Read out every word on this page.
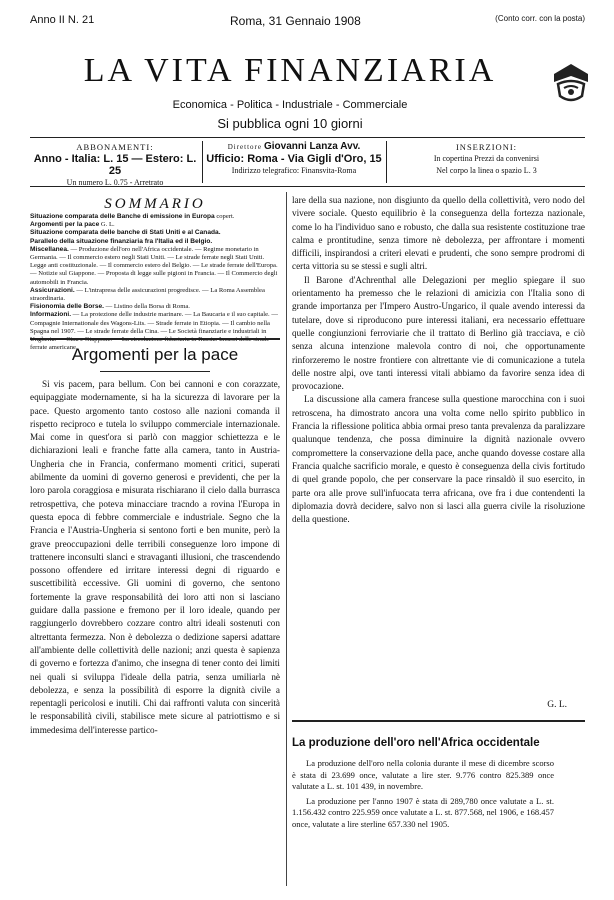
Anno II N. 21	Roma, 31 Gennaio 1908	(Conto corr. con la posta)
LA VITA FINANZIARIA
Economica - Politica - Industriale - Commerciale
Si pubblica ogni 10 giorni
ABBONAMENTI:
Anno - Italia: L. 15 — Estero: L. 25
Un numero L. 0.75 - Arretrato
Direttore Giovanni Lanza Avv.
Ufficio: Roma - Via Gigli d'Oro, 15
Indirizzo telegrafico: Finansvita-Roma
INSERZIONI:
In copertina Prezzi da convenirsi
Nel corpo la linea o spazio L. 3
SOMMARIO
Situazione comparata delle Banche di emissione in Europa copert.
Argomenti per la pace G. L.
Situazione comparata delle banche di Stati Uniti e al Canada.
Parallelo della situazione finanziaria fra l'Italia ed il Belgio.
Miscellanea. — Produzione dell'oro nell'Africa occidentale. — Regime monetario in Germania. — Il commercio estero negli Stati Uniti. — Le strade ferrate negli Stati Uniti. Legge anti costituzionale. — Il commercio estero del Belgio. — Le strade ferrate dell'Europa. — Notizie sul Giappone. — Proposta di legge sulle pigioni in Francia. — Il Commercio degli automobili in Francia.
Assicurazioni. — L'intrapresa delle assicurazioni progredisce. — La Roma Assemblea straordinaria.
Fisionomia delle Borse. — Listino della Borsa di Roma.
Informazioni. — La protezione delle industrie marinare. — La Baucaria e il suo capitale. — Compagnie Internationale des Wagons-Lits. — Strade ferrate in Etiopia. — Il cambio nella Spagna nel 1907. — Le strade ferrate della Cina. — Le Società finanziarie e industriali in Ungheria. — Cina e Giappone. — La circolazione fiduciaria in Russia. Incassi delle strade ferrate americane.
Argomenti per la pace

Si vis pacem, para bellum. Con bei cannoni e con corazzate, equipaggiate modernamente, si ha la sicurezza di lavorare per la pace. Questo argomento tanto costoso alle nazioni comanda il rispetto reciproco e tutela lo sviluppo commerciale internazionale. Mai come in quest'ora si parlò con maggior schiettezza e le dichiarazioni leali e franche fatte alla camera, tanto in Austria-Ungheria che in Francia, confermano momenti critici, superati abilmente da uomini di governo generosi e previdenti, che per la loro parola coraggiosa e misurata rischiarano il cielo dalla burrasca retrospettiva, che poteva minacciare tracndo a rovina l'Europa in questa epoca di febbre commerciale e industriale. Segno che la Francia e l'Austria-Ungheria si sentono forti e ben munite, però la grave preoccupazioni delle terribili conseguenze loro impone di trattenere inconsulti slanci e stravaganti illusioni, che trascendendo possono offendere ed irritare interessi degni di riguardo e suscettibilità eccessive. Gli uomini di governo, che sentono fortemente la grave responsabilità dei loro atti non si lasciano guidare dalla passione e fremono per il loro ideale, quando per raggiungerlo dovrebbero cozzare contro altri ideali sostenuti con altrettanta fermezza. Non è debolezza o dedizione sapersi adattare all'ambiente delle collettività delle nazioni; anzi questa è sapienza di governo e fortezza d'animo, che insegna di tener conto dei limiti nei quali si sviluppa l'ideale della patria, senza umiliarla nè debolezza, e senza la possibilità di esporre la dignità civile a repentagli pericolosi e inutili. Chi dai raffronti valuta con sincerità le responsabilità civili, stabilisce mete sicure al patriottismo e si immedesima dell'interesse partico-

lare della sua nazione, non disgiunto da quello della collettività, vero nodo del vivere sociale. Questo equilibrio è la conseguenza della fortezza nazionale, come lo ha l'individuo sano e robusto, che dalla sua resistente costituzione trae calma e prontitudine, senza timore nè debolezza, per affrontare i momenti difficili, inspirandosi a criteri elevati e prudenti, che sono sempre prodromi di certa vittoria su se stessi e sugli altri.

Il Barone d'Achrenthal alle Delegazioni per meglio spiegare il suo orientamento ha premesso che le relazioni di amicizia con l'Italia sono di grande importanza per l'Impero Austro-Ungarico, il quale avendo interessi da tutelare, dove si riproducono pure interessi italiani, era necessario effettuare quelle congiunzioni ferroviarie che il trattato di Berlino già tracciava, e ciò senza alcuna intenzione malevola contro di noi, che opportunamente rinforzeremo le nostre frontiere con altrettante vie di comunicazione a tutela delle nostre alpi, ove tanti interessi vitali abbiamo da favorire senza idea di provocazione.

La discussione alla camera francese sulla questione marocchina con i suoi retroscena, ha dimostrato ancora una volta come nello spirito pubblico in Francia la riflessione politica abbia ormai preso tanta prevalenza da paralizzare qualunque tendenza, che possa diminuire la dignità nazionale ovvero compromettere la conservazione della pace, anche quando dovesse costare alla Francia qualche sacrificio morale, e questo è conseguenza della civis fortitudo di quel grande popolo, che per conservare la pace rinsaldò il suo esercito, in parte ora alle prove sull'infuocata terra africana, ove fra i due contendenti la diplomazia dovrà decidere, salvo non si lasci alla guerra civile la risoluzione della questione.

G. L.
La produzione dell'oro nell'Africa occidentale

La produzione dell'oro nella colonia durante il mese di dicembre scorso è stata di 23.699 once, valutate a lire ster. 9.776 contro 825.389 once valutate a L. st. 101 439, in novembre.

La produzione per l'anno 1907 è stata di 289,780 once valutate a L. st. 1.156.432 contro 225.959 once valutate a L. st. 877.568, nel 1906, e 168.457 once, valutate a lire sterline 657.330 nel 1905.
